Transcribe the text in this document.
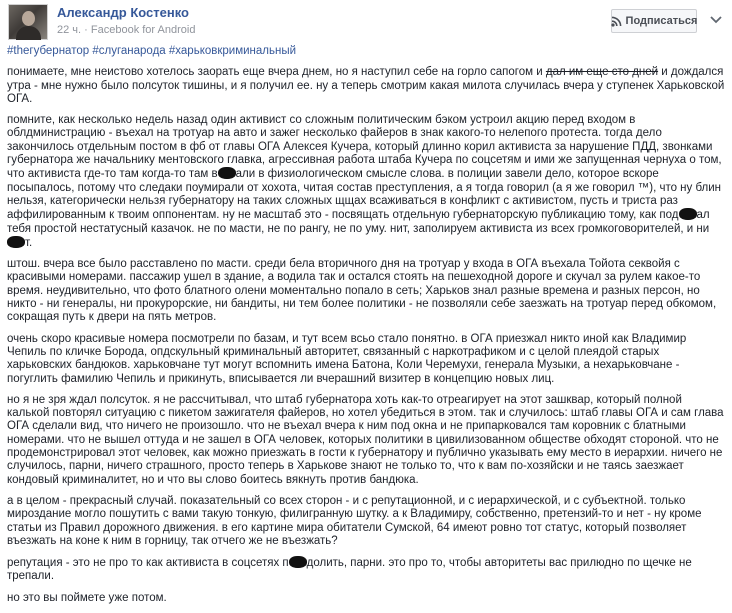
Александр Костенко
22 ч. · Facebook for Android
Подписаться
#thегубернатор #слуганарода #харьковкриминальный
понимаете, мне неистово хотелось заорать еще вчера днем, но я наступил себе на горло сапогом и дал им еще сто дней и дождался утра - мне нужно было полсуток тишины, и я получил ее. ну а теперь смотрим какая милота случилась вчера у ступенек Харьковской ОГА.
помните, как несколько недель назад один активист со сложным политическим бэком устроил акцию перед входом в облдминистрацию - въехал на тротуар на авто и зажег несколько файеров в знак какого-то нелепого протеста. тогда дело закончилось отдельным постом в фб от главы ОГА Алексея Кучера, который длинно корил активиста за нарушение ПДД, звонками губернатора же начальнику ментовского главка, агрессивная работа штаба Кучера по соцсетям и ими же запущенная чернуха о том, что активиста где-то там когда-то там в али в физиологическом смысле слова. в полиции завели дело, которое вскоре посыпалось, потому что следаки поумирали от хохота, читая состав преступления, а я тогда говорил (а я же говорил ™), что ну блин нельзя, категорически нельзя губернатору на таких сложных щщах всаживаться в конфликт с активистом, пусть и триста раз аффилированным к твоим оппонентам. ну не масштаб это - посвящать отдельную губернаторскую публикацию тому, как под ал тебя простой нестатусный казачок. не по масти, не по рангу, не по уму. нит, заполируем активиста из всех громкоговорителей, и нит.
штош. вчера все было расставлено по масти. среди бела вторичного дня на тротуар у входа в ОГА въехала Тойота секвойя с красивыми номерами. пассажир ушел в здание, а водила так и остался стоять на пешеходной дороге и скучал за рулем какое-то время. неудивительно, что фото блатного олени моментально попало в сеть; Харьков знал разные времена и разных персон, но никто - ни генералы, ни прокурорские, ни бандиты, ни тем более политики - не позволяли себе заезжать на тротуар перед обкомом, сокращая путь к двери на пять метров.
очень скоро красивые номера посмотрели по базам, и тут всем всьо стало понятно. в ОГА приезжал никто иной как Владимир Чепиль по кличке Борода, опдскульный криминальный авторитет, связанный с наркотрафиком и с целой плеядой старых харьковских бандюков. харьковчане тут могут вспомнить имена Батона, Коли Черемухи, генерала Музыки, а нехарьковчане - погуглить фамилию Чепиль и прикинуть, вписывается ли вчерашний визитер в концепцию новых лиц.
но я не зря ждал полсуток. я не рассчитывал, что штаб губернатора хоть как-то отреагирует на этот зашквар, который полной калькой повторял ситуацию с пикетом зажигателя файеров, но хотел убедиться в этом. так и случилось: штаб главы ОГА и сам глава ОГА сделали вид, что ничего не произошло. что не въехал вчера к ним под окна и не припарковался там коровник с блатными номерами. что не вышел оттуда и не зашел в ОГА человек, которых политики в цивилизованном обществе обходят стороной. что не продемонстрировал этот человек, как можно приезжать в гости к губернатору и публично указывать ему место в иерархии. ничего не случилось, парни, ничего страшного, просто теперь в Харькове знают не только то, что к вам по-хозяйски и не таясь заезжает кондовый криминалитет, но и что вы слово боитесь вякнуть против бандюка.
а в целом - прекрасный случай. показательный со всех сторон - и с репутационной, и с иерархической, и с субъектной. только мироздание могло пошутить с вами такую тонкую, филигранную шутку. а к Владимиру, собственно, претензий-то и нет - ну кроме статьи из Правил дорожного движения. в его картине мира обитатели Сумской, 64 имеют ровно тот статус, который позволяет въезжать на коне к ним в горницу, так отчего же не въезжать?
репутация - это не про то как активиста в соцсетях п долить, парни. это про то, чтобы авторитеты вас прилюдно по щечке не трепали.
но это вы поймете уже потом.
